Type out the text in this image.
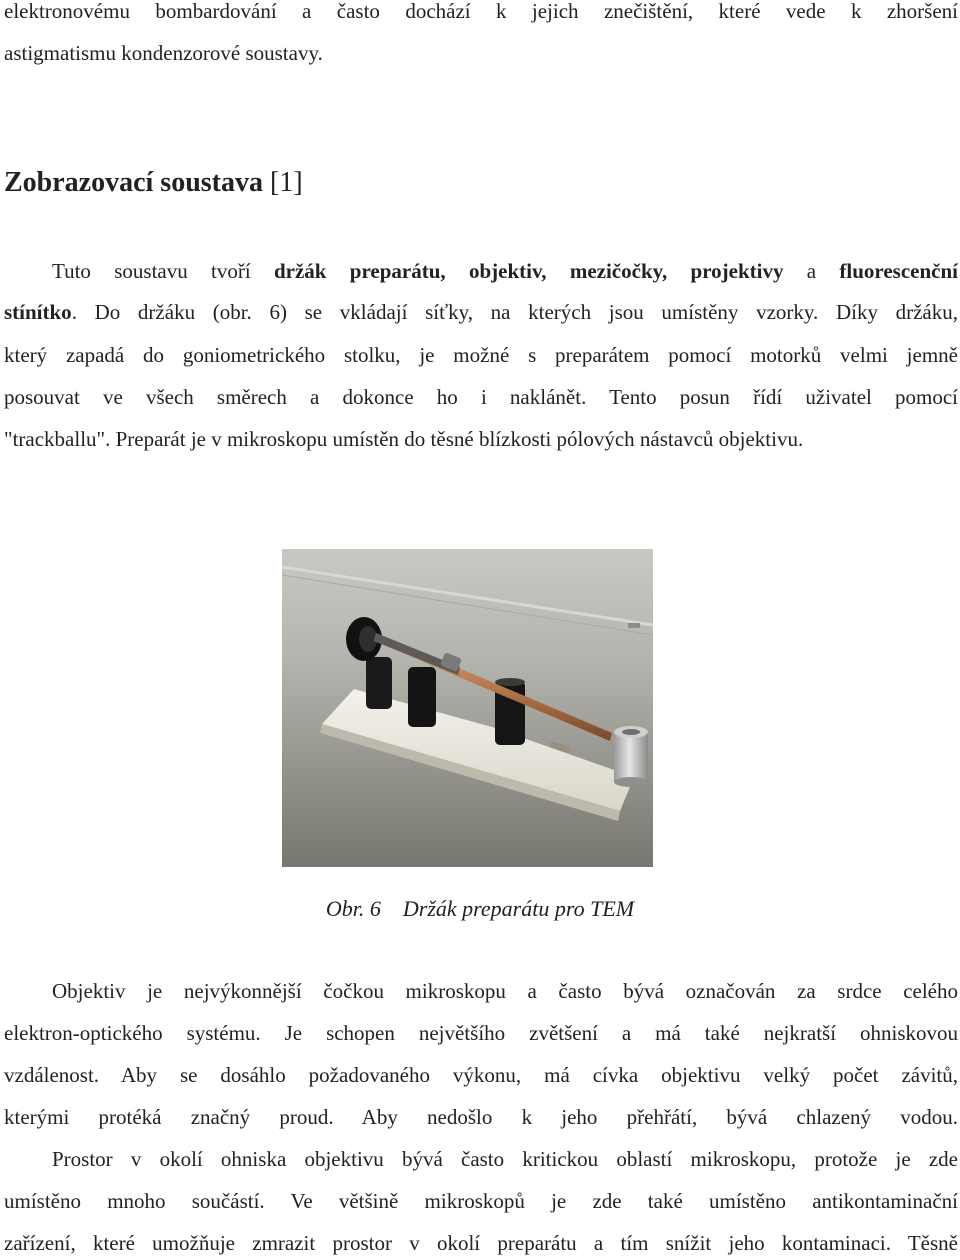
elektronovému bombardování a často dochází k jejich znečištění, které vede k zhoršení
astigmatismu kondenzorové soustavy.
Zobrazovací soustava [1]
Tuto soustavu tvoří držák preparátu, objektiv, mezičočky, projektivy a fluorescenční
stínítko. Do držáku (obr. 6) se vkládají síťky, na kterých jsou umístěny vzorky. Díky držáku,
který zapadá do goniometrického stolku, je možné s preparátem pomocí motorků velmi jemně
posouvat ve všech směrech a dokonce ho i naklánět. Tento posun řídí uživatel pomocí
"trackballu". Preparát je v mikroskopu umístěn do těsné blízkosti pólových nástavců objektivu.
Obr. 6 Držák preparátu pro TEM
Objektiv je nejvýkonnější čočkou mikroskopu a často bývá označován za srdce celého
elektron-optického systému. Je schopen největšího zvětšení a má také nejkratší ohniskovou
vzdálenost. Aby se dosáhlo požadovaného výkonu, má cívka objektivu velký počet závitů,
kterými protéká značný proud. Aby nedošlo k jeho přehřátí, bývá chlazený vodou.
Prostor v okolí ohniska objektivu bývá často kritickou oblastí mikroskopu, protože je zde
umístěno mnoho součástí. Ve většině mikroskopů je zde také umístěno antikontaminační
zařízení, které umožňuje zmrazit prostor v okolí preparátu a tím snížit jeho kontaminaci. Těsně
